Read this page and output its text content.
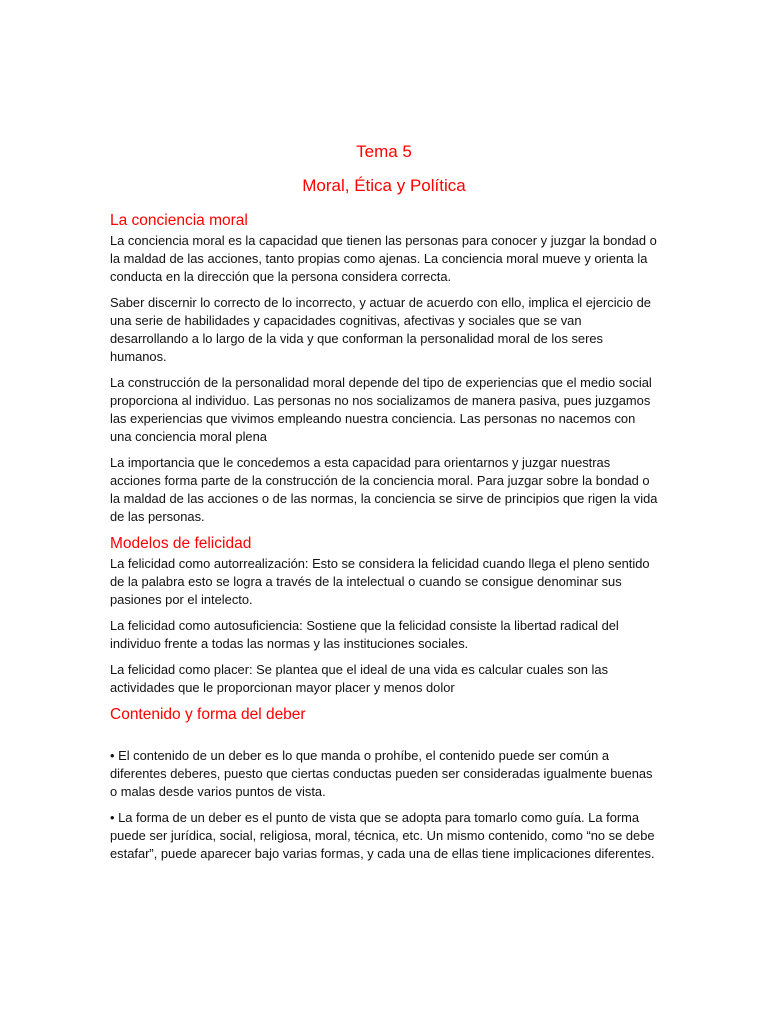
Tema 5

Moral, Ética y Política

La conciencia moral

La conciencia moral es la capacidad que tienen las personas para conocer y juzgar la bondad o la maldad de las acciones, tanto propias como ajenas. La conciencia moral mueve y orienta la conducta en la dirección que la persona considera correcta.

Saber discernir lo correcto de lo incorrecto, y actuar de acuerdo con ello, implica el ejercicio de una serie de habilidades y capacidades cognitivas, afectivas y sociales que se van desarrollando a lo largo de la vida y que conforman la personalidad moral de los seres humanos.

La construcción de la personalidad moral depende del tipo de experiencias que el medio social proporciona al individuo. Las personas no nos socializamos de manera pasiva, pues juzgamos las experiencias que vivimos empleando nuestra conciencia. Las personas no nacemos con una conciencia moral plena

La importancia que le concedemos a esta capacidad para orientarnos y juzgar nuestras acciones forma parte de la construcción de la conciencia moral. Para juzgar sobre la bondad o la maldad de las acciones o de las normas, la conciencia se sirve de principios que rigen la vida de las personas.

Modelos de felicidad

La felicidad como autorrealización: Esto se considera la felicidad cuando llega el pleno sentido de la palabra esto se logra a través de la intelectual o cuando se consigue denominar sus pasiones por el intelecto.

La felicidad como autosuficiencia: Sostiene que la felicidad consiste la libertad radical del individuo frente a todas las normas y las instituciones sociales.

La felicidad como placer: Se plantea que el ideal de una vida es calcular cuales son las actividades que le proporcionan mayor placer y menos dolor

Contenido y forma del deber

• El contenido de un deber es lo que manda o prohíbe, el contenido puede ser común a diferentes deberes, puesto que ciertas conductas pueden ser consideradas igualmente buenas o malas desde varios puntos de vista.

• La forma de un deber es el punto de vista que se adopta para tomarlo como guía. La forma puede ser jurídica, social, religiosa, moral, técnica, etc. Un mismo contenido, como “no se debe estafar”, puede aparecer bajo varias formas, y cada una de ellas tiene implicaciones diferentes.
